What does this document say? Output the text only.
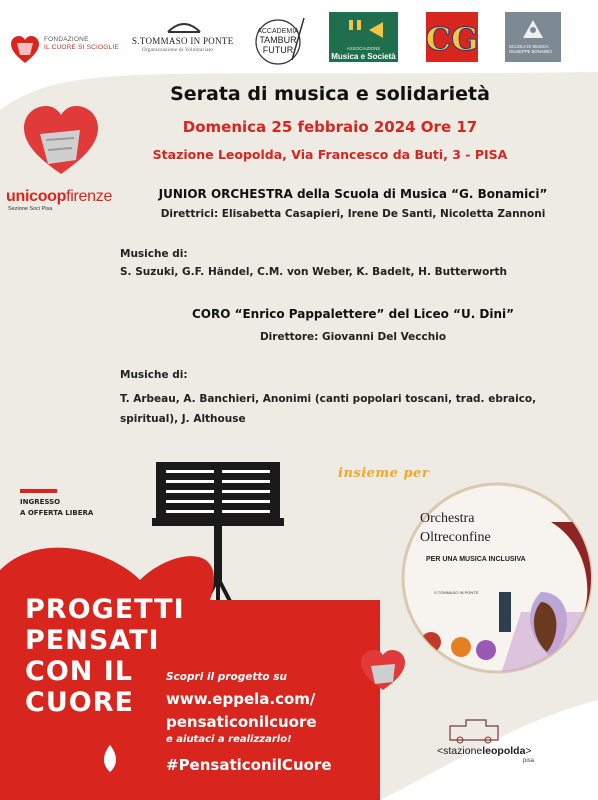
FONDAZIONE
IL CUORE SI SCIOGLIE
S.TOMMASO IN PONTE
Organizzazione di Volontariato
ACCADEMIA
TAMBUR
FUTUR	ASSOCIAZIONE
Musica e Società CG	SCUOLA DI MUSICA
GIUSEPPE BONAMICI
Serata di musica e solidarietà
Domenica 25 febbraio 2024 Ore 17
Stazione Leopolda, Via Francesco da Buti, 3 - PISA
unicoopfirenze
Sezione Soci Pisa
JUNIOR ORCHESTRA della Scuola di Musica “G. Bonamici”
Direttrici: Elisabetta Casapieri, Irene De Santi, Nicoletta Zannoni
Musiche di:
S. Suzuki, G.F. Händel, C.M. von Weber, K. Badelt, H. Butterworth
CORO “Enrico Pappalettere” del Liceo “U. Dini”
Direttore: Giovanni Del Vecchio
Musiche di:
T. Arbeau, A. Banchieri, Anonimi (canti popolari toscani, trad. ebraico, spiritual), J. Althouse
INGRESSO
A OFFERTA LIBERA
insieme per
Orchestra
Oltreconfine
PER UNA MUSICA INCLUSIVA
S.TOMMASO IN PONTE
PROGETTI
PENSATI
CON IL
CUORE
Scopri il progetto su
www.eppela.com/
pensaticonilcuore
e aiutaci a realizzarlo!
#PensaticonilCuore
<stazioneleopolda>
pisa
